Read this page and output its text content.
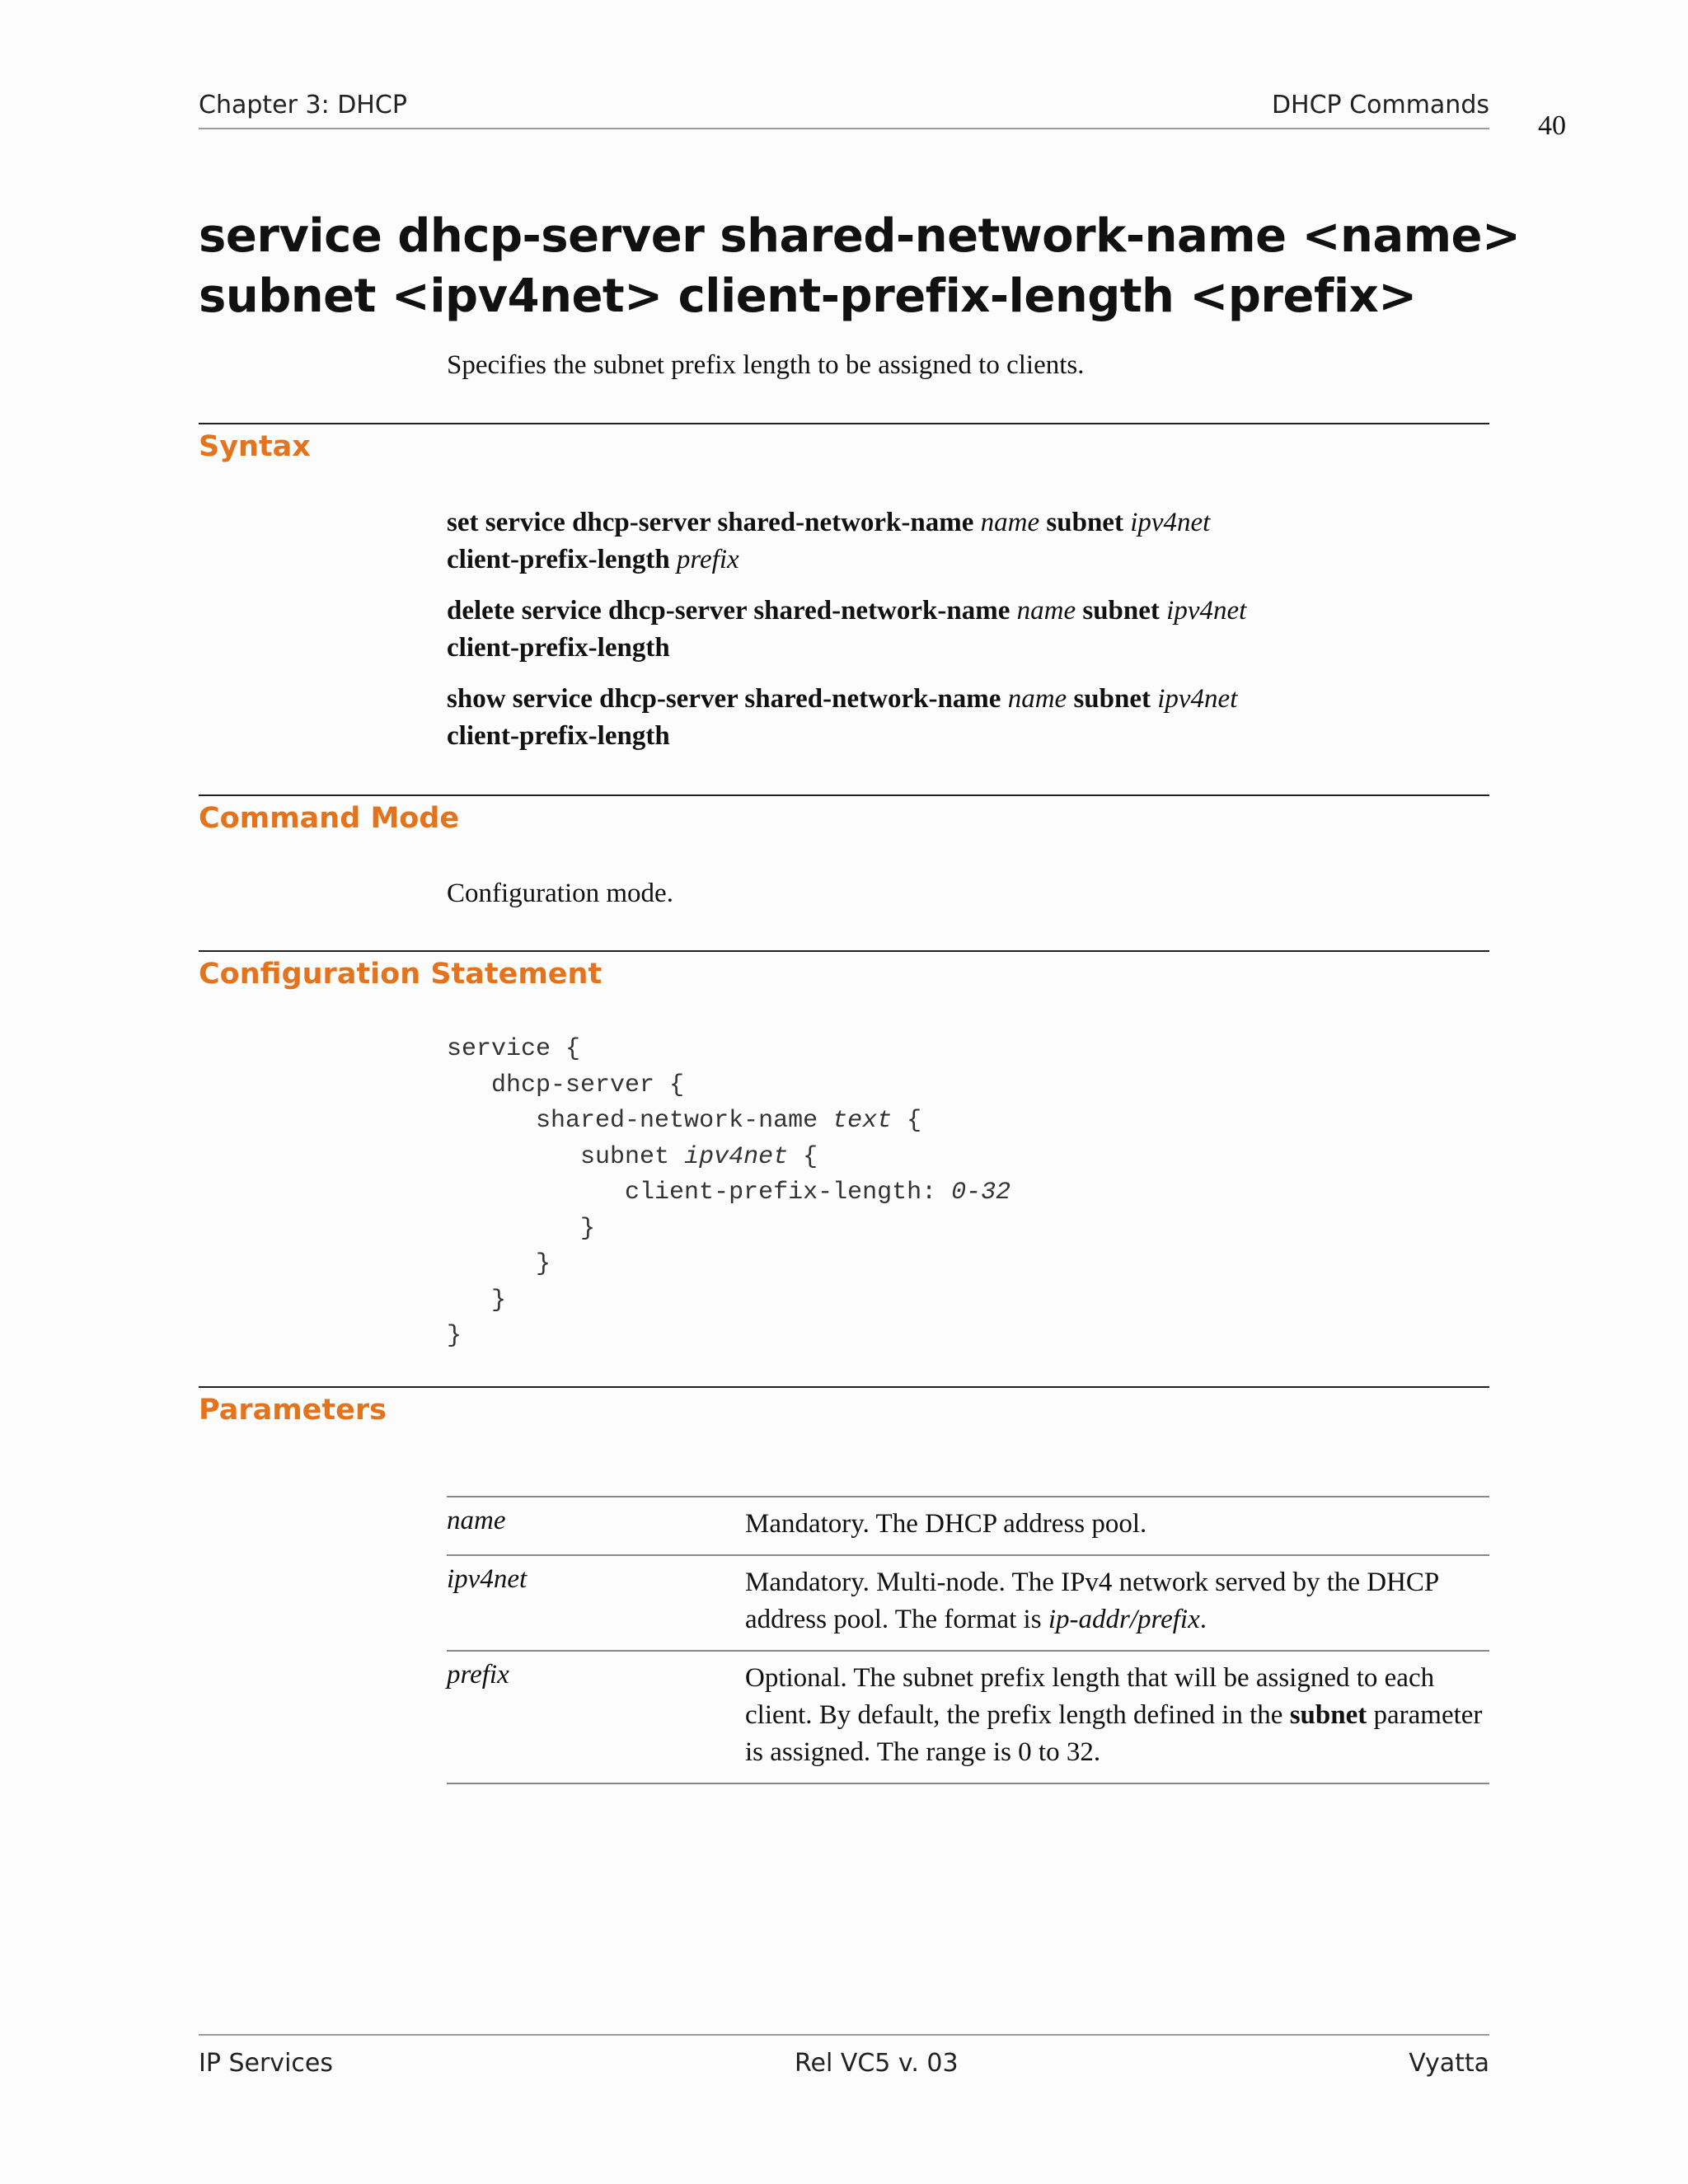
Chapter 3: DHCP	DHCP Commands
40
service dhcp-server shared-network-name <name>
subnet <ipv4net> client-prefix-length <prefix>
Specifies the subnet prefix length to be assigned to clients.
Syntax
set service dhcp-server shared-network-name name subnet ipv4net
client-prefix-length prefix
delete service dhcp-server shared-network-name name subnet ipv4net
client-prefix-length
show service dhcp-server shared-network-name name subnet ipv4net
client-prefix-length
Command Mode
Configuration mode.
Configuration Statement
service {
dhcp-server {
shared-network-name text {
subnet ipv4net {
client-prefix-length: 0-32
}
}
}
}
Parameters
name	Mandatory. The DHCP address pool.
ipv4net	Mandatory. Multi-node. The IPv4 network served by the DHCP address pool. The format is ip-addr/prefix.
prefix	Optional. The subnet prefix length that will be assigned to each client. By default, the prefix length defined in the subnet parameter is assigned. The range is 0 to 32.
IP Services	Rel VC5 v. 03	Vyatta
